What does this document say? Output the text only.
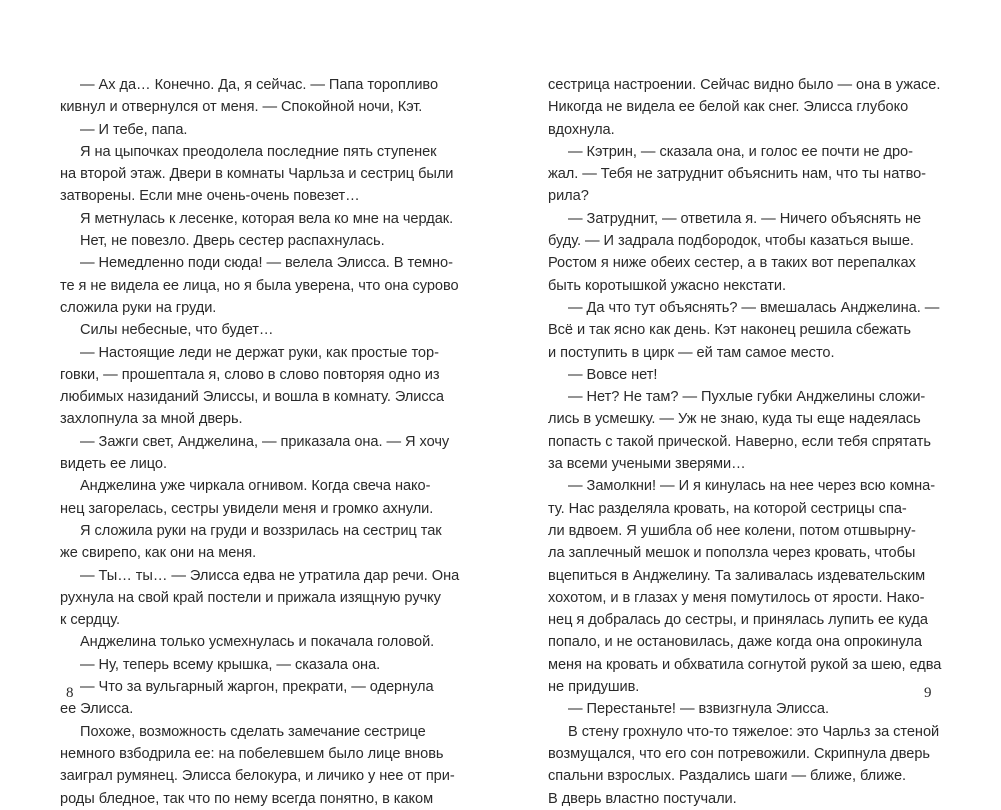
— Ах да… Конечно. Да, я сейчас. — Папа торопливо
кивнул и отвернулся от меня. — Спокойной ночи, Кэт.
— И тебе, папа.
Я на цыпочках преодолела последние пять ступенек
на второй этаж. Двери в комнаты Чарльза и сестриц были
затворены. Если мне очень-очень повезет…
Я метнулась к лесенке, которая вела ко мне на чердак.
Нет, не повезло. Дверь сестер распахнулась.
— Немедленно поди сюда! — велела Элисса. В темно-
те я не видела ее лица, но я была уверена, что она сурово
сложила руки на груди.
Силы небесные, что будет…
— Настоящие леди не держат руки, как простые тор-
говки, — прошептала я, слово в слово повторяя одно из
любимых назиданий Элиссы, и вошла в комнату. Элисса
захлопнула за мной дверь.
— Зажги свет, Анджелина, — приказала она. — Я хочу
видеть ее лицо.
Анджелина уже чиркала огнивом. Когда свеча нако-
нец загорелась, сестры увидели меня и громко ахнули.
Я сложила руки на груди и воззрилась на сестриц так
же свирепо, как они на меня.
— Ты… ты… — Элисса едва не утратила дар речи. Она
рухнула на свой край постели и прижала изящную ручку
к сердцу.
Анджелина только усмехнулась и покачала головой.
— Ну, теперь всему крышка, — сказала она.
— Что за вульгарный жаргон, прекрати, — одернула
ее Элисса.
Похоже, возможность сделать замечание сестрице
немного взбодрила ее: на побелевшем было лице вновь
заиграл румянец. Элисса белокура, и личико у нее от при-
роды бледное, так что по нему всегда понятно, в каком
сестрица настроении. Сейчас видно было — она в ужасе.
Никогда не видела ее белой как снег. Элисса глубоко
вдохнула.
— Кэтрин, — сказала она, и голос ее почти не дро-
жал. — Тебя не затруднит объяснить нам, что ты натво-
рила?
— Затруднит, — ответила я. — Ничего объяснять не
буду. — И задрала подбородок, чтобы казаться выше.
Ростом я ниже обеих сестер, а в таких вот перепалках
быть коротышкой ужасно некстати.
— Да что тут объяснять? — вмешалась Анджелина. —
Всё и так ясно как день. Кэт наконец решила сбежать
и поступить в цирк — ей там самое место.
— Вовсе нет!
— Нет? Не там? — Пухлые губки Анджелины сложи-
лись в усмешку. — Уж не знаю, куда ты еще надеялась
попасть с такой прической. Наверно, если тебя спрятать
за всеми учеными зверями…
— Замолкни! — И я кинулась на нее через всю комна-
ту. Нас разделяла кровать, на которой сестрицы спа-
ли вдвоем. Я ушибла об нее колени, потом отшвырну-
ла заплечный мешок и поползла через кровать, чтобы
вцепиться в Анджелину. Та заливалась издевательским
хохотом, и в глазах у меня помутилось от ярости. Нако-
нец я добралась до сестры, и принялась лупить ее куда
попало, и не остановилась, даже когда она опрокинула
меня на кровать и обхватила согнутой рукой за шею, едва
не придушив.
— Перестаньте! — взвизгнула Элисса.
В стену грохнуло что-то тяжелое: это Чарльз за стеной
возмущался, что его сон потревожили. Скрипнула дверь
спальни взрослых. Раздались шаги — ближе, ближе.
В дверь властно постучали.
8	9
